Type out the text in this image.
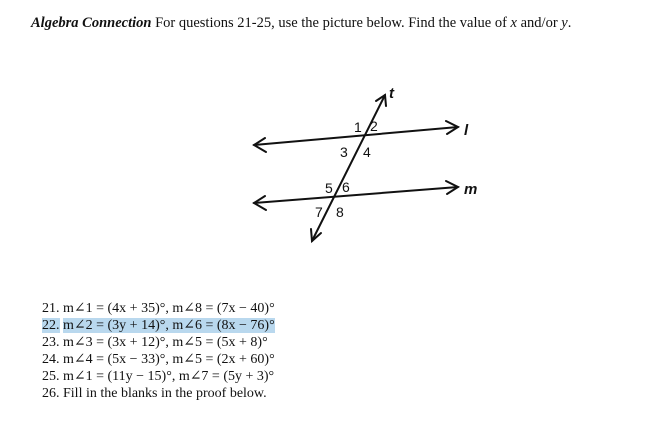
Algebra Connection For questions 21-25, use the picture below. Find the value of x and/or y.
t
l
m
1 2
3 4
5 6
7 8
21. m∠1 = (4x + 35)°, m∠8 = (7x − 40)°
22. m∠2 = (3y + 14)°, m∠6 = (8x − 76)°
23. m∠3 = (3x + 12)°, m∠5 = (5x + 8)°
24. m∠4 = (5x − 33)°, m∠5 = (2x + 60)°
25. m∠1 = (11y − 15)°, m∠7 = (5y + 3)°
26. Fill in the blanks in the proof below.
